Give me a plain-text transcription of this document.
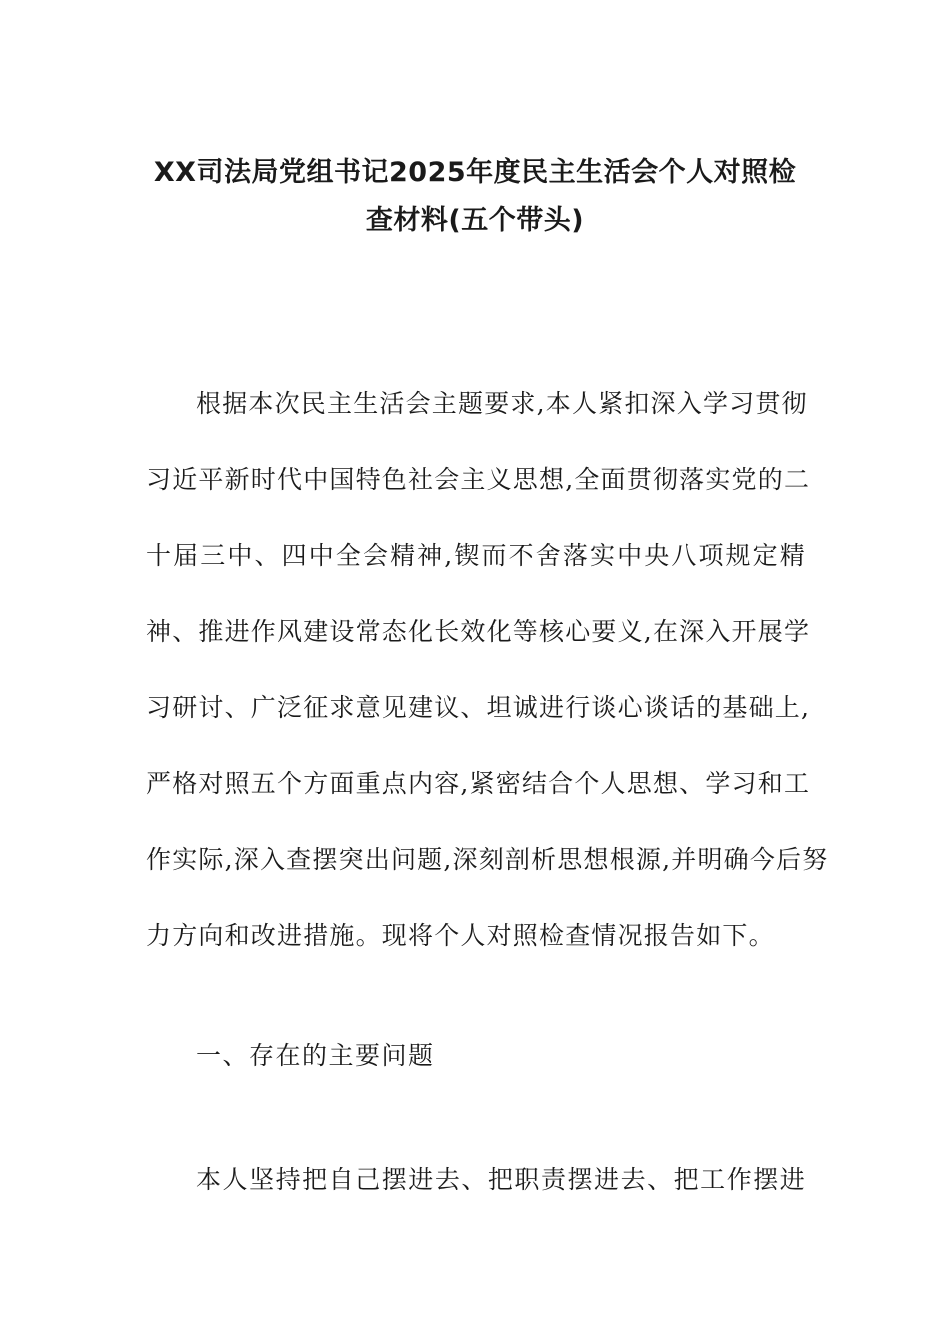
XX司法局党组书记2025年度民主生活会个人对照检
查材料(五个带头)
根据本次民主生活会主题要求,本人紧扣深入学习贯彻
习近平新时代中国特色社会主义思想,全面贯彻落实党的二
十届三中、四中全会精神,锲而不舍落实中央八项规定精
神、推进作风建设常态化长效化等核心要义,在深入开展学
习研讨、广泛征求意见建议、坦诚进行谈心谈话的基础上,
严格对照五个方面重点内容,紧密结合个人思想、学习和工
作实际,深入查摆突出问题,深刻剖析思想根源,并明确今后努
力方向和改进措施。现将个人对照检查情况报告如下。
一、存在的主要问题
本人坚持把自己摆进去、把职责摆进去、把工作摆进
